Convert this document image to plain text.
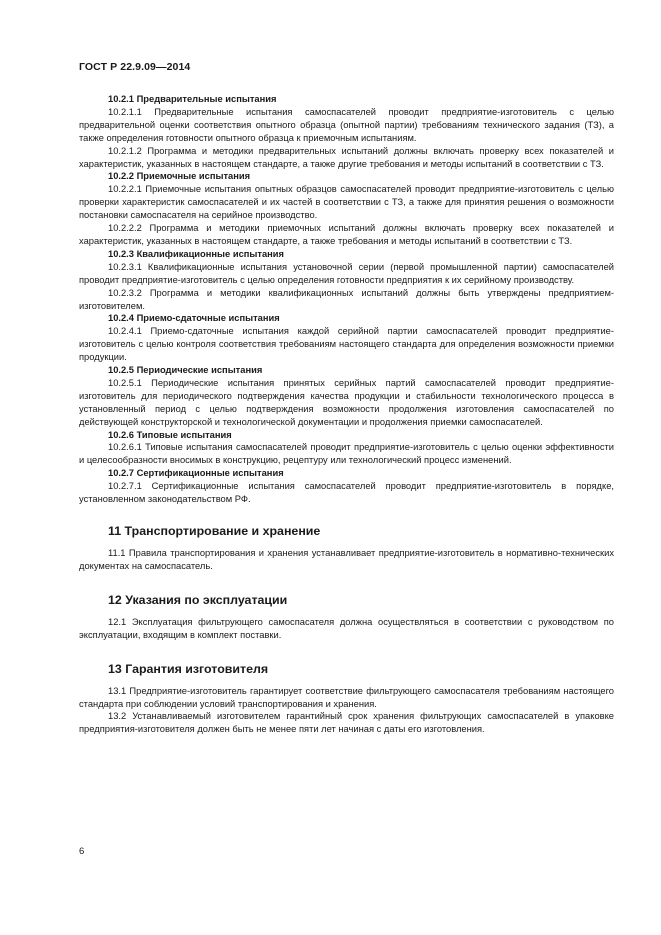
ГОСТ Р 22.9.09—2014

10.2.1 Предварительные испытания

10.2.1.1 Предварительные испытания самоспасателей проводит предприятие-изготовитель с целью предварительной оценки соответствия опытного образца (опытной партии) требованиям технического задания (ТЗ), а также определения готовности опытного образца к приемочным испытаниям.

10.2.1.2 Программа и методики предварительных испытаний должны включать проверку всех показателей и характеристик, указанных в настоящем стандарте, а также другие требования и методы испытаний в соответствии с ТЗ.

10.2.2 Приемочные испытания

10.2.2.1 Приемочные испытания опытных образцов самоспасателей проводит предприятие-изготовитель с целью проверки характеристик самоспасателей и их частей в соответствии с ТЗ, а также для принятия решения о возможности постановки самоспасателя на серийное производство.

10.2.2.2 Программа и методики приемочных испытаний должны включать проверку всех показателей и характеристик, указанных в настоящем стандарте, а также требования и методы испытаний в соответствии с ТЗ.

10.2.3 Квалификационные испытания

10.2.3.1 Квалификационные испытания установочной серии (первой промышленной партии) самоспасателей проводит предприятие-изготовитель с целью определения готовности предприятия к их серийному производству.

10.2.3.2 Программа и методики квалификационных испытаний должны быть утверждены предприятием-изготовителем.

10.2.4 Приемо-сдаточные испытания

10.2.4.1 Приемо-сдаточные испытания каждой серийной партии самоспасателей проводит предприятие-изготовитель с целью контроля соответствия требованиям настоящего стандарта для определения возможности приемки продукции.

10.2.5 Периодические испытания

10.2.5.1 Периодические испытания принятых серийных партий самоспасателей проводит предприятие-изготовитель для периодического подтверждения качества продукции и стабильности технологического процесса в установленный период с целью подтверждения возможности продолжения изготовления самоспасателей по действующей конструкторской и технологической документации и продолжения приемки самоспасателей.

10.2.6 Типовые испытания

10.2.6.1 Типовые испытания самоспасателей проводит предприятие-изготовитель с целью оценки эффективности и целесообразности вносимых в конструкцию, рецептуру или технологический процесс изменений.

10.2.7 Сертификационные испытания

10.2.7.1 Сертификационные испытания самоспасателей проводит предприятие-изготовитель в порядке, установленном законодательством РФ.

11 Транспортирование и хранение

11.1 Правила транспортирования и хранения устанавливает предприятие-изготовитель в нормативно-технических документах на самоспасатель.

12 Указания по эксплуатации

12.1 Эксплуатация фильтрующего самоспасателя должна осуществляться в соответствии с руководством по эксплуатации, входящим в комплект поставки.

13 Гарантия изготовителя

13.1 Предприятие-изготовитель гарантирует соответствие фильтрующего самоспасателя требованиям настоящего стандарта при соблюдении условий транспортирования и хранения.

13.2 Устанавливаемый изготовителем гарантийный срок хранения фильтрующих самоспасателей в упаковке предприятия-изготовителя должен быть не менее пяти лет начиная с даты его изготовления.

6
